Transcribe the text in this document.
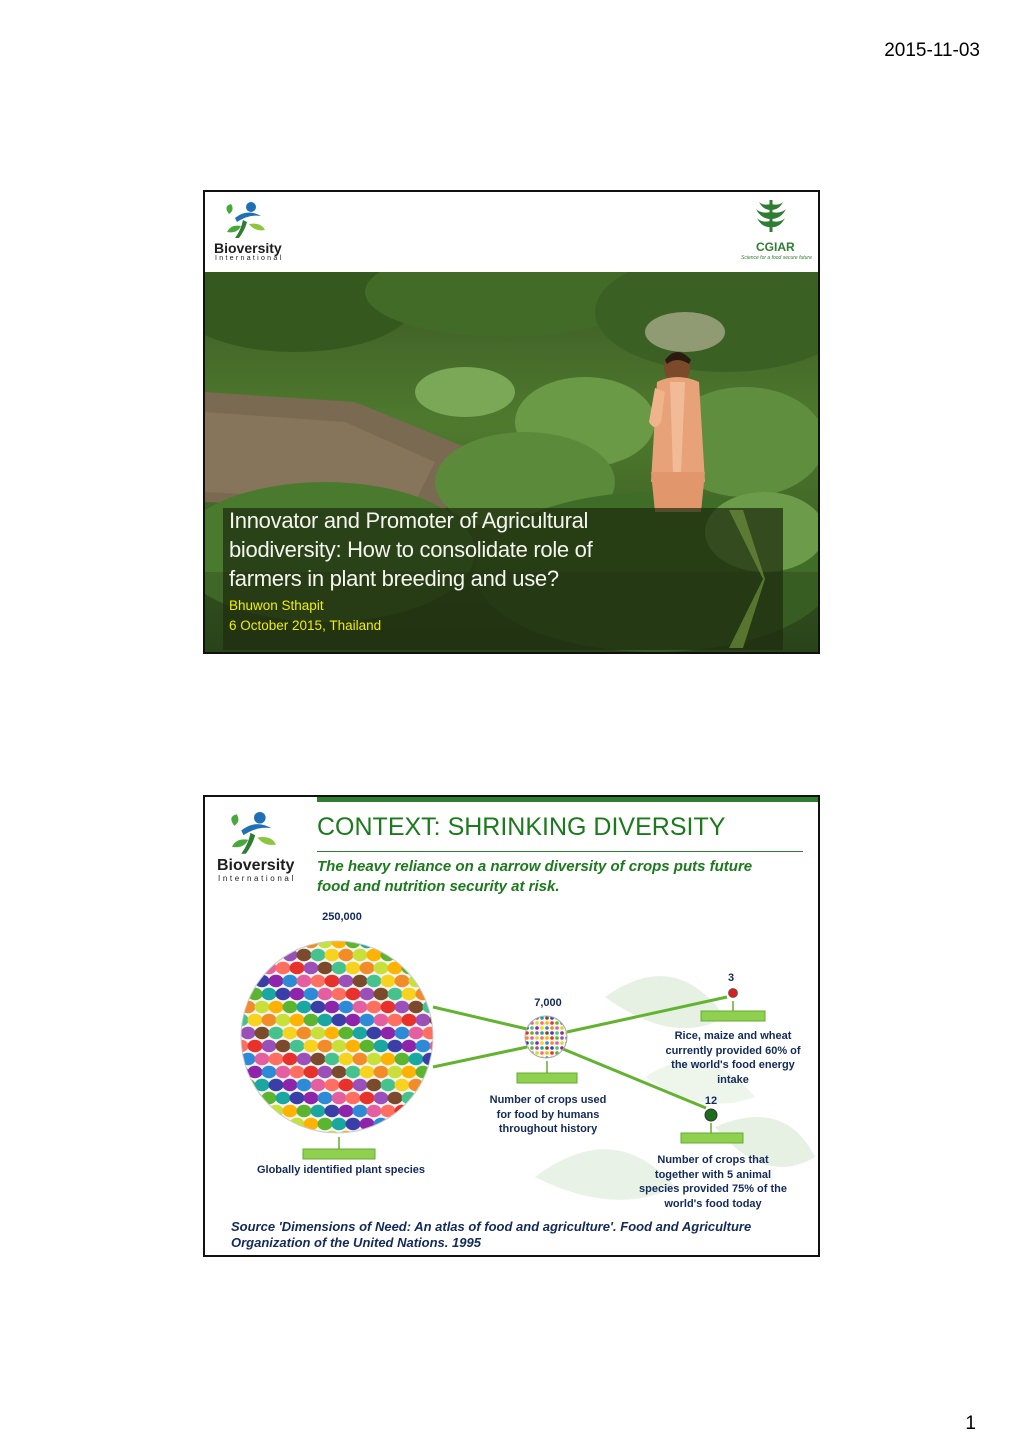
2015-11-03
Bioversity
International
CGIAR
Science for a food secure future
Innovator and Promoter of Agricultural biodiversity: How to consolidate role of farmers in plant breeding and use?
Bhuwon Sthapit
6 October 2015, Thailand
Bioversity
International
CONTEXT: SHRINKING DIVERSITY
The heavy reliance on a narrow diversity of crops puts future food and nutrition security at risk.
250,000
7,000
3
12
Globally identified plant species
Number of crops used for food by humans throughout history
Rice, maize and wheat currently provided 60% of the world's food energy intake
Number of crops that together with 5 animal species provided 75% of the world's food today
Source 'Dimensions of Need: An atlas of food and agriculture'. Food and Agriculture Organization of the United Nations. 1995
1
